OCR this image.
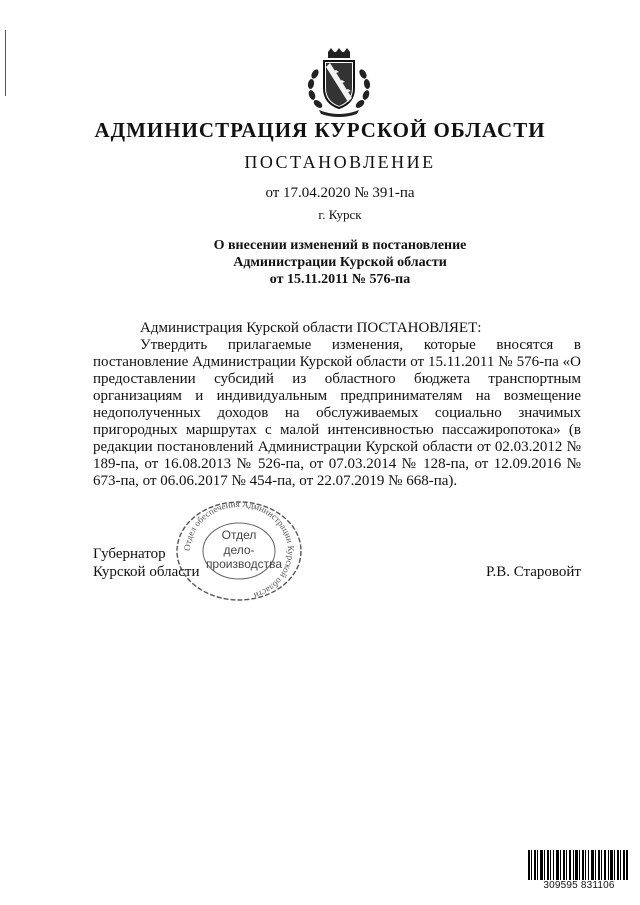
АДМИНИСТРАЦИЯ КУРСКОЙ ОБЛАСТИ
ПОСТАНОВЛЕНИЕ
от 17.04.2020 № 391-па
г. Курск
О внесении изменений в постановление
Администрации Курской области
от 15.11.2011 № 576-па

Администрация Курской области ПОСТАНОВЛЯЕТ:

Утвердить прилагаемые изменения, которые вносятся в постановление Администрации Курской области от 15.11.2011 № 576-па «О предоставлении субсидий из областного бюджета транспортным организациям и индивидуальным предпринимателям на возмещение недополученных доходов на обслуживаемых социально значимых пригородных маршрутах с малой интенсивностью пассажиропотока» (в редакции постановлений Администрации Курской области от 02.03.2012 № 189-па, от 16.08.2013 № 526-па, от 07.03.2014 № 128-па, от 12.09.2016 № 673-па, от 06.06.2017 № 454-па, от 22.07.2019 № 668-па).

Отдел обеспечения Администрации Курской области
Отдел
дело-
производства
Губернатор
Курской области	Р.В. Старовойт
309595 831106
